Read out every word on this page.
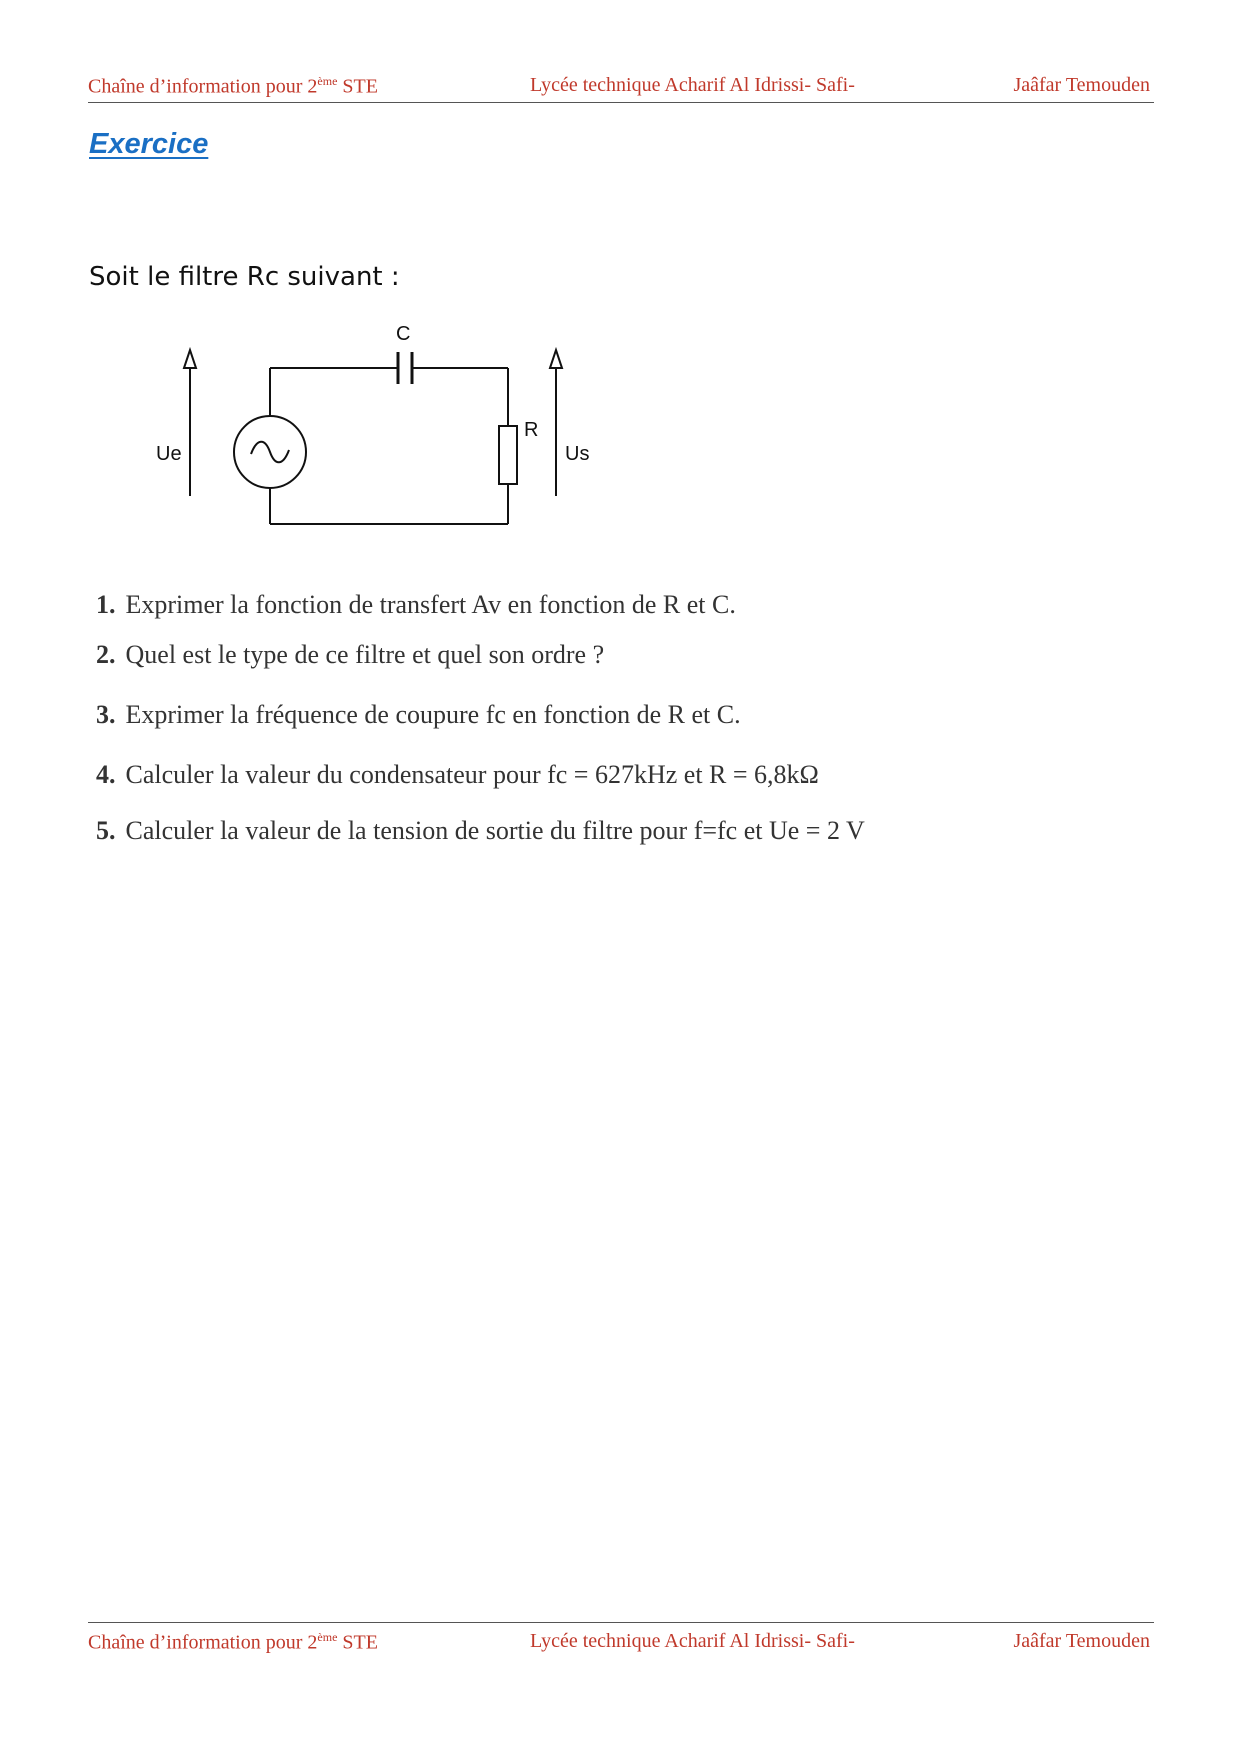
Chaîne d’information pour 2ème STE	Lycée technique Acharif Al Idrissi- Safi-	Jaâfar Temouden
Exercice
Soit le filtre Rc suivant :
C
R
Ue	Us
1. Exprimer la fonction de transfert Av en fonction de R et C.
2. Quel est le type de ce filtre et quel son ordre ?
3. Exprimer la fréquence de coupure fc en fonction de R et C.
4. Calculer la valeur du condensateur pour fc = 627kHz et R = 6,8kΩ
5. Calculer la valeur de la tension de sortie du filtre pour f=fc et Ue = 2 V
Chaîne d’information pour 2ème STE	Lycée technique Acharif Al Idrissi- Safi-	Jaâfar Temouden
